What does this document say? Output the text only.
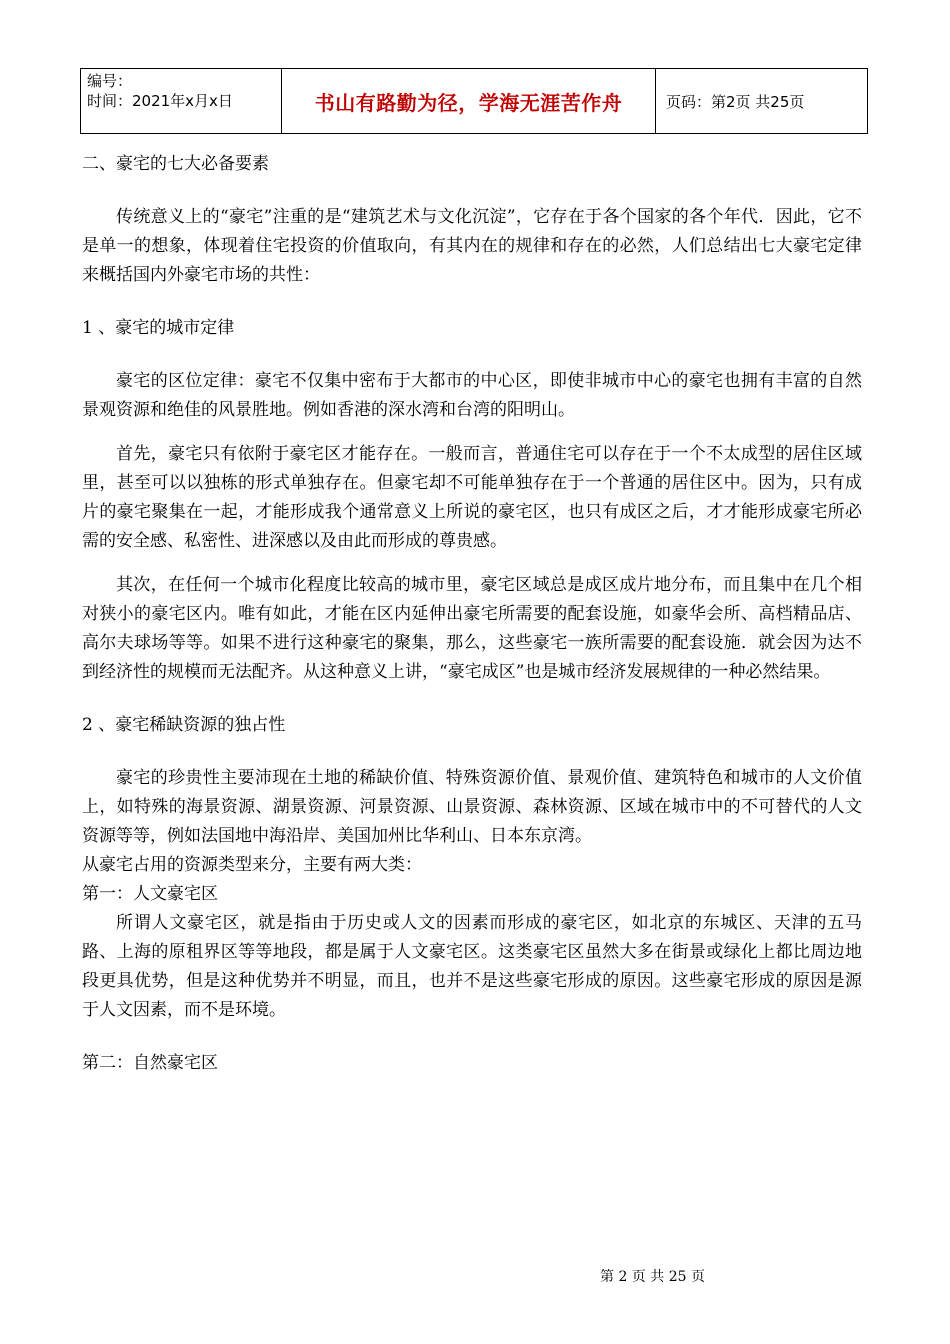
编号：
时间：2021年x月x日	书山有路勤为径，学海无涯苦作舟	页码：第2页 共25页

二、豪宅的七大必备要素

传统意义上的“豪宅”注重的是“建筑艺术与文化沉淀”，它存在于各个国家的各个年代．因此，它不是单一的想象，体现着住宅投资的价值取向，有其内在的规律和存在的必然，人们总结出七大豪宅定律来概括国内外豪宅市场的共性：

1 、豪宅的城市定律

豪宅的区位定律：豪宅不仅集中密布于大都市的中心区，即使非城市中心的豪宅也拥有丰富的自然景观资源和绝佳的风景胜地。例如香港的深水湾和台湾的阳明山。

首先，豪宅只有依附于豪宅区才能存在。一般而言，普通住宅可以存在于一个不太成型的居住区域里，甚至可以以独栋的形式单独存在。但豪宅却不可能单独存在于一个普通的居住区中。因为，只有成片的豪宅聚集在一起，才能形成我个通常意义上所说的豪宅区，也只有成区之后，才才能形成豪宅所必需的安全感、私密性、进深感以及由此而形成的尊贵感。

其次，在任何一个城市化程度比较高的城市里，豪宅区域总是成区成片地分布，而且集中在几个相对狭小的豪宅区内。唯有如此，才能在区内延伸出豪宅所需要的配套设施，如豪华会所、高档精品店、高尔夫球场等等。如果不进行这种豪宅的聚集，那么，这些豪宅一族所需要的配套设施．就会因为达不到经济性的规模而无法配齐。从这种意义上讲，“豪宅成区”也是城市经济发展规律的一种必然结果。

2 、豪宅稀缺资源的独占性

豪宅的珍贵性主要沛现在土地的稀缺价值、特殊资源价值、景观价值、建筑特色和城市的人文价值上，如特殊的海景资源、湖景资源、河景资源、山景资源、森林资源、区域在城市中的不可替代的人文资源等等，例如法国地中海沿岸、美国加州比华利山、日本东京湾。

从豪宅占用的资源类型来分，主要有两大类：

第一：人文豪宅区

所谓人文豪宅区，就是指由于历史或人文的因素而形成的豪宅区，如北京的东城区、天津的五马路、上海的原租界区等等地段，都是属于人文豪宅区。这类豪宅区虽然大多在街景或绿化上都比周边地段更具优势，但是这种优势并不明显，而且，也并不是这些豪宅形成的原因。这些豪宅形成的原因是源于人文因素，而不是环境。

第二：自然豪宅区

第 2 页 共 25 页
